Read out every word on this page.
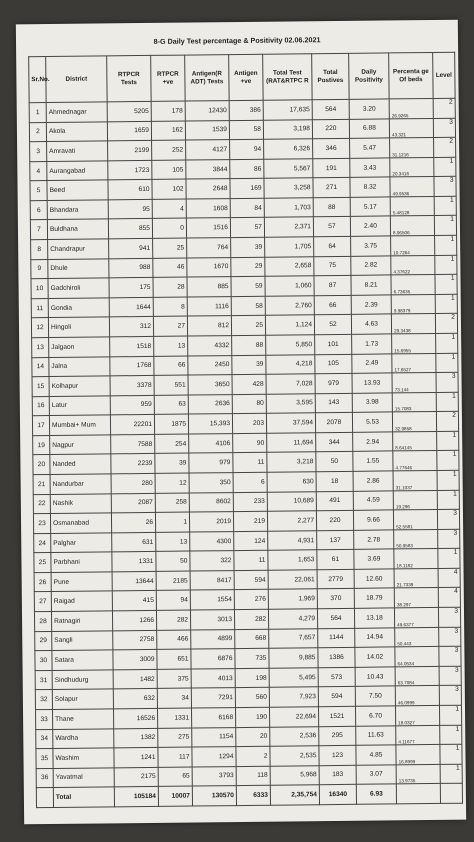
8-G Daily Test percentage & Positivity 02.06.2021
Sr.No.	District	RTPCR Tests	RTPCR +ve	Antigen(R ADT) Tests	Antigen +ve	Total Test (RAT&RTPC R	Total Postives	Daily Positivity	Percenta ge Of beds	Level
1	Ahmednagar	5205	178	12430	386	17,635	564	3.20	26.9265	2
2	Akola	1659	162	1539	58	3,198	220	6.88	43.321	3
3	Amravati	2199	252	4127	94	6,326	346	5.47	31.1216	2
4	Aurangabad	1723	105	3844	86	5,567	191	3.43	20.3416	1
5	Beed	610	102	2648	169	3,258	271	8.32	49.9536	3
6	Bhandara	95	4	1608	84	1,703	88	5.17	5.48128	1
7	Buldhana	855	0	1516	57	2,371	57	2.40	8.96506	1
8	Chandrapur	941	25	764	39	1,705	64	3.75	10.7264	1
9	Dhule	988	46	1670	29	2,658	75	2.82	4.37622	1
10	Gadchiroli	175	28	885	59	1,060	87	8.21	6.73635	1
11	Gondia	1644	8	1116	58	2,760	66	2.39	9.98379	1
12	Hingoli	312	27	812	25	1,124	52	4.63	29.3438	2
13	Jalgaon	1518	13	4332	88	5,850	101	1.73	15.6955	1
14	Jalna	1768	66	2450	39	4,218	105	2.49	17.6527	1
15	Kolhapur	3378	551	3650	428	7,028	979	13.93	73.144	3
16	Latur	959	63	2636	80	3,595	143	3.98	15.7083	1
17	Mumbai+ Mum	22201	1875	15,393	203	37,594	2078	5.53	32.9858	2
19	Nagpur	7588	254	4106	90	11,694	344	2.94	8.64145	1
20	Nanded	2239	39	979	11	3,218	50	1.55	4.77646	1
21	Nandurbar	280	12	350	6	630	18	2.86	31.1037	1
22	Nashik	2087	258	8602	233	10,689	491	4.59	19.296	1
23	Osmanabad	26	1	2019	219	2,277	220	9.66	52.5581	3
24	Palghar	631	13	4300	124	4,931	137	2.78	50.9583	3
25	Parbhani	1331	50	322	11	1,653	61	3.69	18.1182	1
26	Pune	13644	2185	8417	594	22,061	2779	12.60	21.7339	4
27	Raigad	415	94	1554	276	1,969	370	18.79	38.297	4
28	Ratnagiri	1266	282	3013	282	4,279	564	13.18	49.6377	3
29	Sangli	2758	466	4899	668	7,657	1144	14.94	50.443	3
30	Satara	3009	651	6876	735	9,885	1386	14.02	64.0534	3
31	Sindhudurg	1482	375	4013	198	5,495	573	10.43	63.7084	3
32	Solapur	632	34	7291	560	7,923	594	7.50	46.0999	3
33	Thane	16526	1331	6168	190	22,694	1521	6.70	18.0327	1
34	Wardha	1382	275	1154	20	2,536	295	11.63	4.11677	1
35	Washim	1241	117	1294	2	2,535	123	4.85	16.8999	1
36	Yavatmal	2175	65	3793	118	5,968	183	3.07	13.9735	1
	Total	105184	10007	130570	6333	2,35,754	16340	6.93		
